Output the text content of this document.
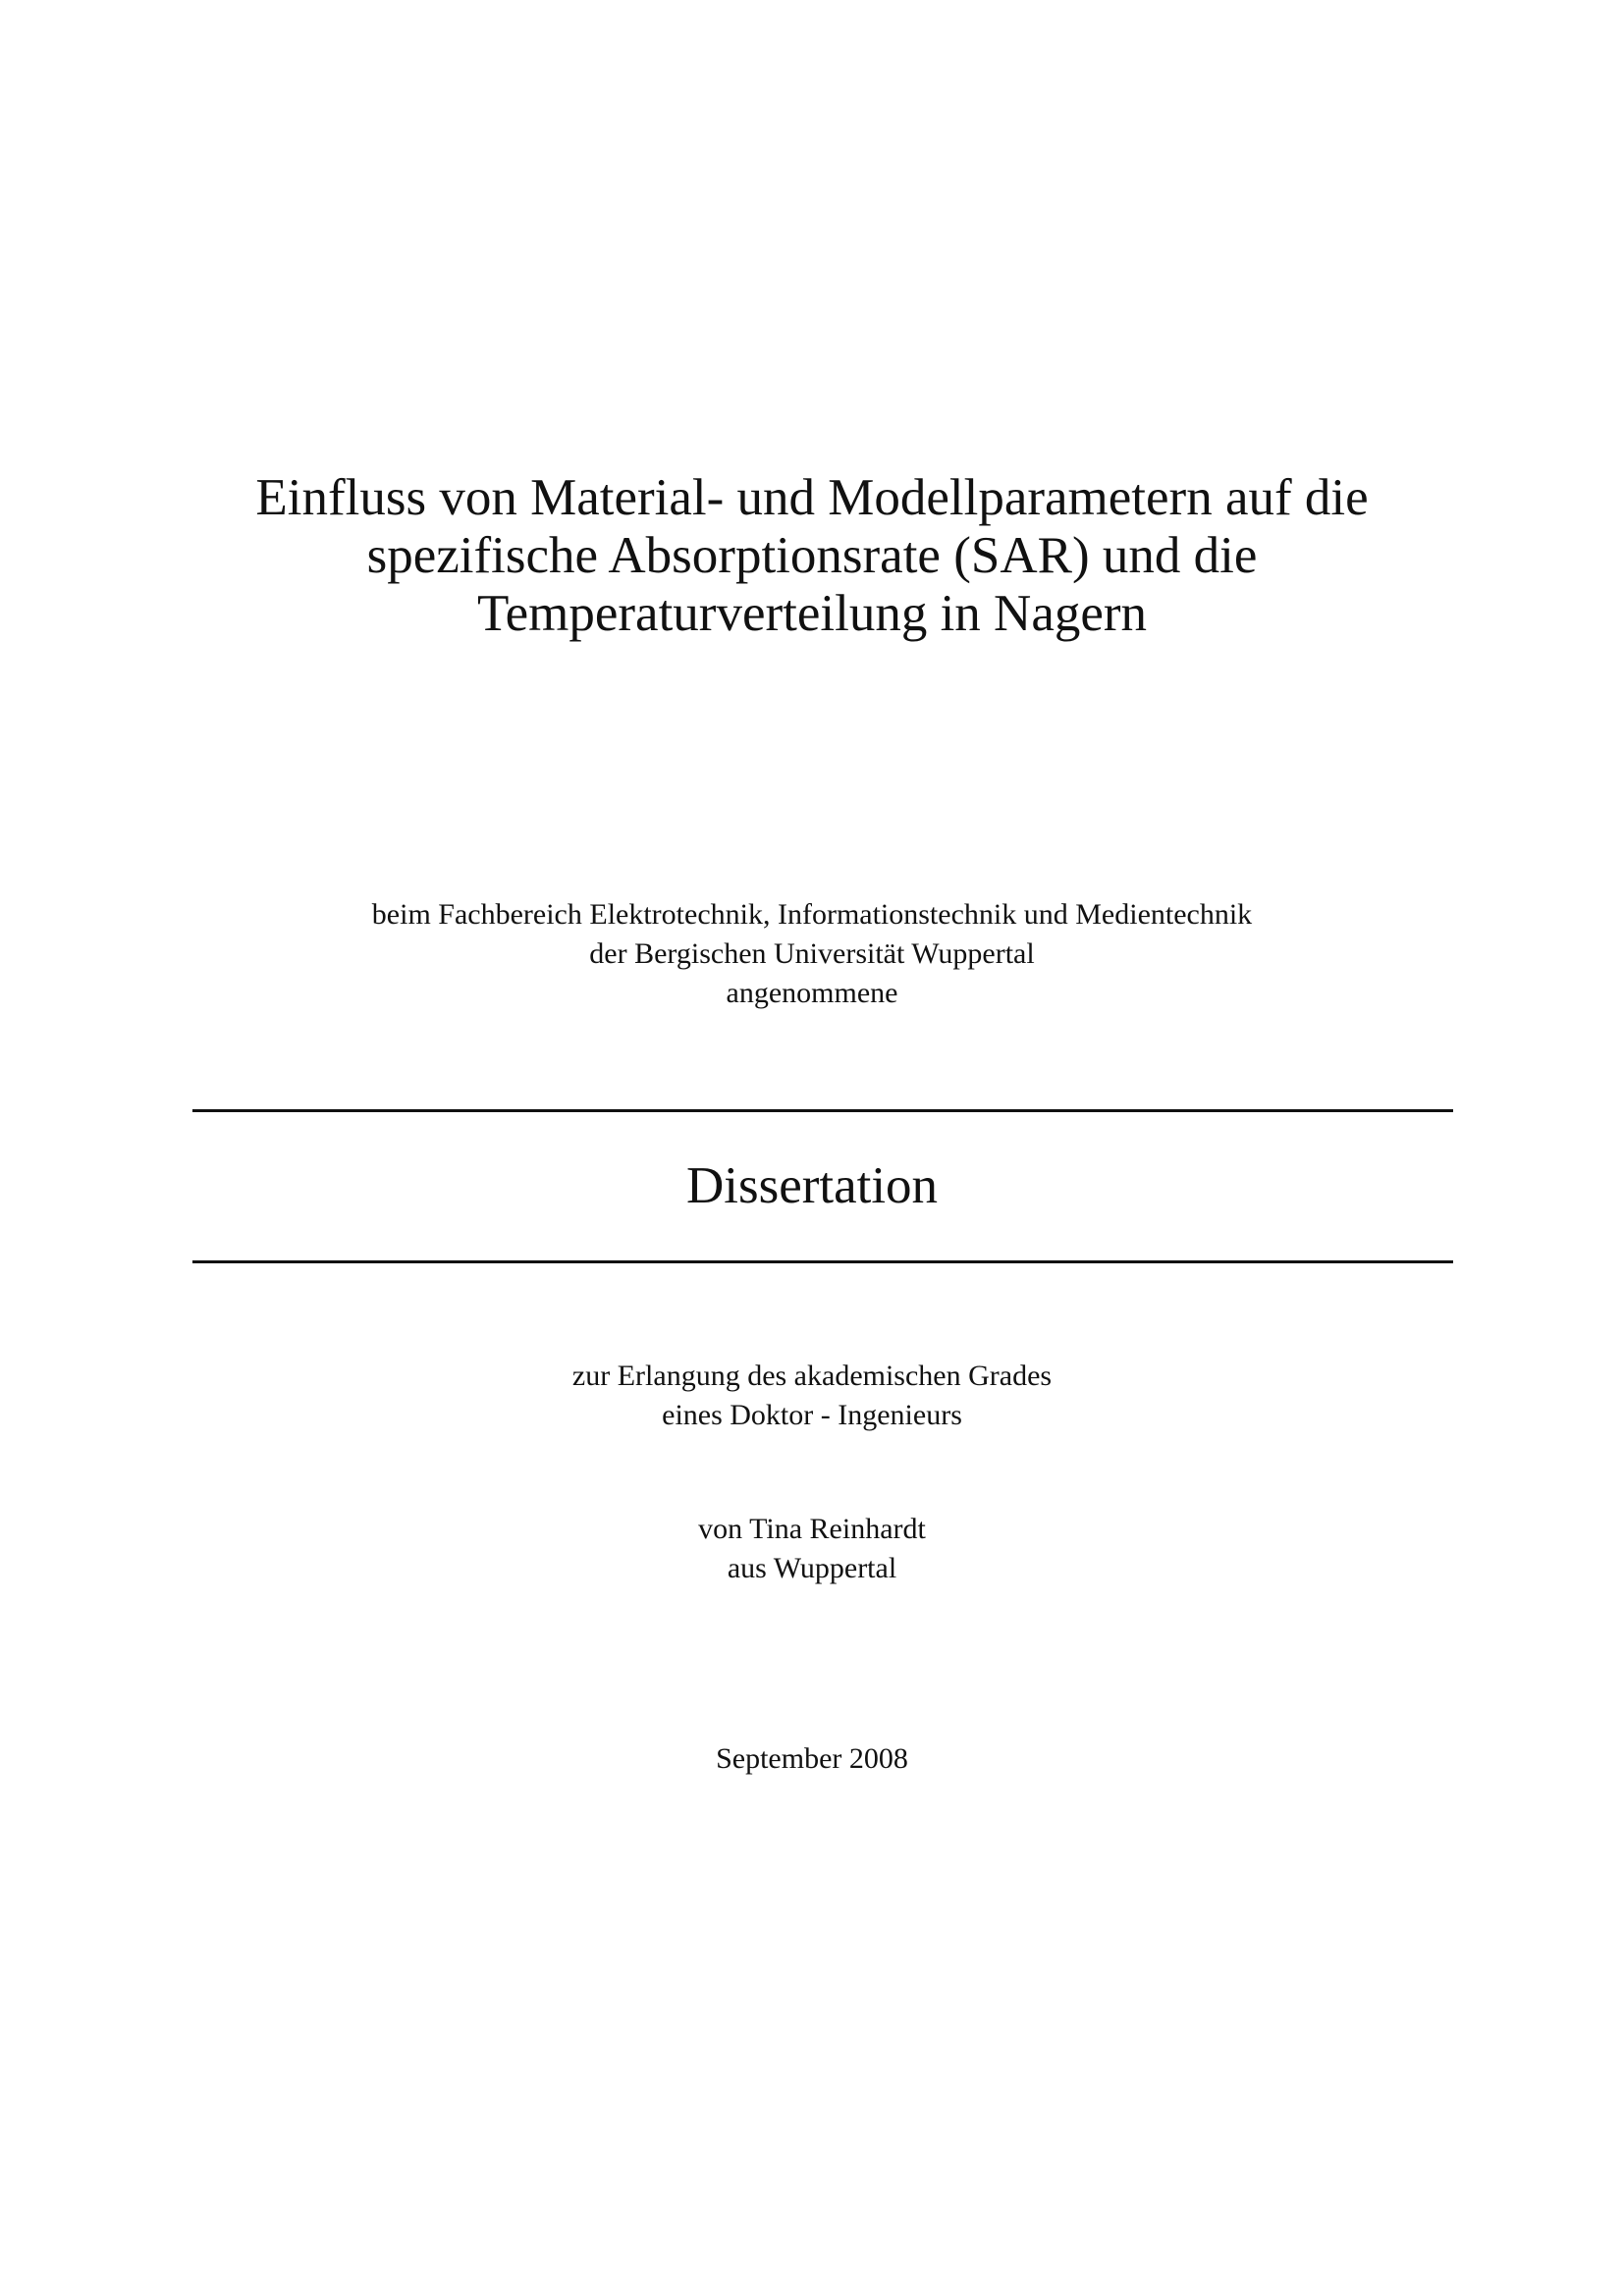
Einfluss von Material- und Modellparametern auf die
spezifische Absorptionsrate (SAR) und die
Temperaturverteilung in Nagern
beim Fachbereich Elektrotechnik, Informationstechnik und Medientechnik
der Bergischen Universität Wuppertal
angenommene
Dissertation
zur Erlangung des akademischen Grades
eines Doktor - Ingenieurs
von Tina Reinhardt
aus Wuppertal
September 2008
